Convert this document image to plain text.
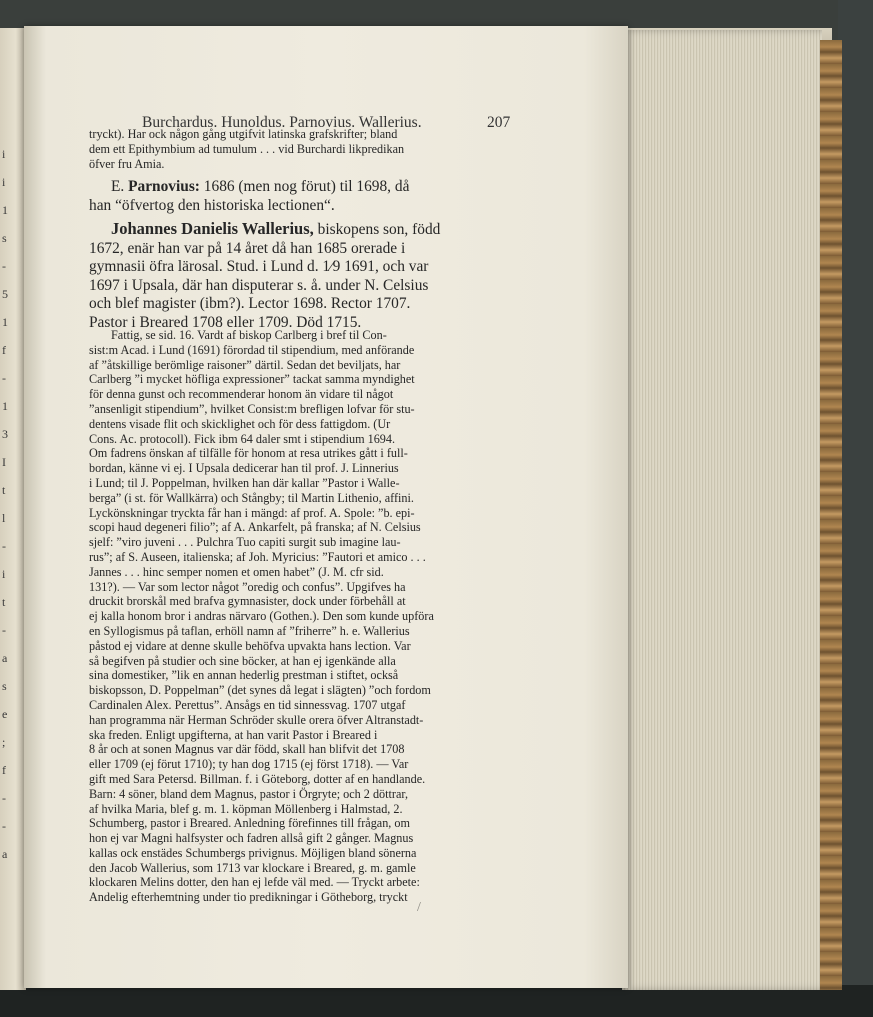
i
i
1
s
-
5
1
f
-
1
3
I
t
l
-
i
t
-
a
s
e
;
f
-
-
a
Burchardus. Hunoldus. Parnovius. Wallerius.	207
tryckt). Har ock någon gång utgifvit latinska grafskrifter; bland
dem ett Epithymbium ad tumulum . . . vid Burchardi likpredikan
öfver fru Amia.
E. Parnovius: 1686 (men nog förut) til 1698, då
han “öfvertog den historiska lectionen“.
Johannes Danielis Wallerius, biskopens son, född
1672, enär han var på 14 året då han 1685 orerade i
gymnasii öfra lärosal. Stud. i Lund d. 1⁄9 1691, och var
1697 i Upsala, där han disputerar s. å. under N. Celsius
och blef magister (ibm?). Lector 1698. Rector 1707.
Pastor i Breared 1708 eller 1709. Död 1715.
Fattig, se sid. 16. Vardt af biskop Carlberg i bref til Con-
sist:m Acad. i Lund (1691) förordad til stipendium, med anförande
af ”åtskillige berömlige raisoner” därtil. Sedan det beviljats, har
Carlberg ”i mycket höfliga expressioner” tackat samma myndighet
för denna gunst och recommenderar honom än vidare til något
”ansenligit stipendium”, hvilket Consist:m brefligen lofvar för stu-
dentens visade flit och skicklighet och för dess fattigdom. (Ur
Cons. Ac. protocoll). Fick ibm 64 daler smt i stipendium 1694.
Om fadrens önskan af tilfälle för honom at resa utrikes gått i full-
bordan, känne vi ej. I Upsala dedicerar han til prof. J. Linnerius
i Lund; til J. Poppelman, hvilken han där kallar ”Pastor i Walle-
berga” (i st. för Wallkärra) och Stångby; til Martin Lithenio, affini.
Lyckönskningar tryckta får han i mängd: af prof. A. Spole: ”b. epi-
scopi haud degeneri filio”; af A. Ankarfelt, på franska; af N. Celsius
sjelf: ”viro juveni . . . Pulchra Tuo capiti surgit sub imagine lau-
rus”; af S. Auseen, italienska; af Joh. Myricius: ”Fautori et amico . . .
Jannes . . . hinc semper nomen et omen habet” (J. M. cfr sid.
131?). — Var som lector något ”oredig och confus”. Upgifves ha
druckit brorskål med brafva gymnasister, dock under förbehåll at
ej kalla honom bror i andras närvaro (Gothen.). Den som kunde upföra
en Syllogismus på taflan, erhöll namn af ”friherre” h. e. Wallerius
påstod ej vidare at denne skulle behöfva upvakta hans lection. Var
så begifven på studier och sine böcker, at han ej igenkände alla
sina domestiker, ”lik en annan hederlig prestman i stiftet, också
biskopsson, D. Poppelman” (det synes då legat i slägten) ”och fordom
Cardinalen Alex. Perettus”. Ansågs en tid sinnessvag. 1707 utgaf
han programma när Herman Schröder skulle orera öfver Altranstadt-
ska freden. Enligt upgifterna, at han varit Pastor i Breared i
8 år och at sonen Magnus var där född, skall han blifvit det 1708
eller 1709 (ej förut 1710); ty han dog 1715 (ej först 1718). — Var
gift med Sara Petersd. Billman. f. i Göteborg, dotter af en handlande.
Barn: 4 söner, bland dem Magnus, pastor i Örgryte; och 2 döttrar,
af hvilka Maria, blef g. m. 1. köpman Möllenberg i Halmstad, 2.
Schumberg, pastor i Breared. Anledning förefinnes till frågan, om
hon ej var Magni halfsyster och fadren allså gift 2 gånger. Magnus
kallas ock enstädes Schumbergs privignus. Möjligen bland sönerna
den Jacob Wallerius, som 1713 var klockare i Breared, g. m. gamle
klockaren Melins dotter, den han ej lefde väl med. — Tryckt arbete:
Andelig efterhemtning under tio predikningar i Götheborg, tryckt
/
